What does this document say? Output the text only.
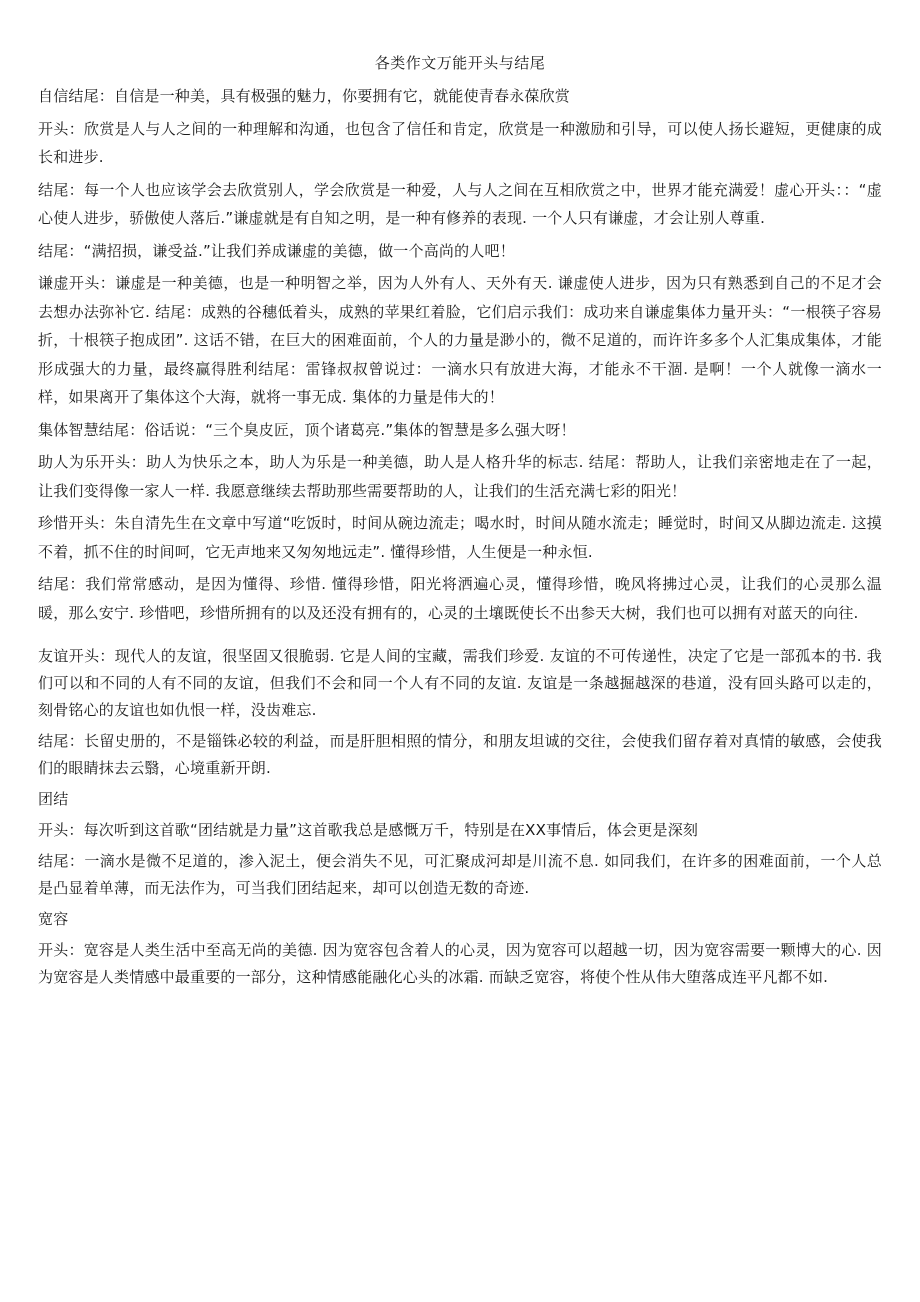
各类作文万能开头与结尾

自信结尾：自信是一种美，具有极强的魅力，你要拥有它，就能使青春永葆欣赏

开头：欣赏是人与人之间的一种理解和沟通，也包含了信任和肯定，欣赏是一种激励和引导，可以使人扬长避短，更健康的成长和进步.

结尾：每一个人也应该学会去欣赏别人，学会欣赏是一种爱，人与人之间在互相欣赏之中，世界才能充满爱！虚心开头：：“虚心使人进步，骄傲使人落后.”谦虚就是有自知之明，是一种有修养的表现. 一个人只有谦虚，才会让别人尊重.

结尾：“满招损，谦受益.”让我们养成谦虚的美德，做一个高尚的人吧！

谦虚开头：谦虚是一种美德，也是一种明智之举，因为人外有人、天外有天. 谦虚使人进步，因为只有熟悉到自己的不足才会去想办法弥补它. 结尾：成熟的谷穗低着头，成熟的苹果红着脸，它们启示我们：成功来自谦虚集体力量开头：“一根筷子容易折，十根筷子抱成团”. 这话不错，在巨大的困难面前，个人的力量是渺小的，微不足道的，而许许多多个人汇集成集体，才能形成强大的力量，最终赢得胜利结尾：雷锋叔叔曾说过：一滴水只有放进大海，才能永不干涸. 是啊！一个人就像一滴水一样，如果离开了集体这个大海，就将一事无成. 集体的力量是伟大的！

集体智慧结尾：俗话说：“三个臭皮匠，顶个诸葛亮.”集体的智慧是多么强大呀！

助人为乐开头：助人为快乐之本，助人为乐是一种美德，助人是人格升华的标志. 结尾：帮助人，让我们亲密地走在了一起，让我们变得像一家人一样. 我愿意继续去帮助那些需要帮助的人，让我们的生活充满七彩的阳光！

珍惜开头：朱自清先生在文章中写道“吃饭时，时间从碗边流走；喝水时，时间从随水流走；睡觉时，时间又从脚边流走. 这摸不着，抓不住的时间呵，它无声地来又匆匆地远走”. 懂得珍惜，人生便是一种永恒.

结尾：我们常常感动，是因为懂得、珍惜. 懂得珍惜，阳光将洒遍心灵，懂得珍惜，晚风将拂过心灵，让我们的心灵那么温暖，那么安宁. 珍惜吧，珍惜所拥有的以及还没有拥有的，心灵的土壤既使长不出参天大树，我们也可以拥有对蓝天的向往.

友谊开头：现代人的友谊，很坚固又很脆弱. 它是人间的宝藏，需我们珍爱. 友谊的不可传递性，决定了它是一部孤本的书. 我们可以和不同的人有不同的友谊，但我们不会和同一个人有不同的友谊. 友谊是一条越掘越深的巷道，没有回头路可以走的，刻骨铭心的友谊也如仇恨一样，没齿难忘.

结尾：长留史册的，不是锱铢必较的利益，而是肝胆相照的情分，和朋友坦诚的交往，会使我们留存着对真情的敏感，会使我们的眼睛抹去云翳，心境重新开朗.

团结

开头：每次听到这首歌“团结就是力量”这首歌我总是感慨万千，特别是在XX事情后，体会更是深刻

结尾：一滴水是微不足道的，渗入泥土，便会消失不见，可汇聚成河却是川流不息. 如同我们，在许多的困难面前，一个人总是凸显着单薄，而无法作为，可当我们团结起来，却可以创造无数的奇迹.

宽容

开头：宽容是人类生活中至高无尚的美德. 因为宽容包含着人的心灵，因为宽容可以超越一切，因为宽容需要一颗博大的心. 因为宽容是人类情感中最重要的一部分，这种情感能融化心头的冰霜. 而缺乏宽容，将使个性从伟大堕落成连平凡都不如.
